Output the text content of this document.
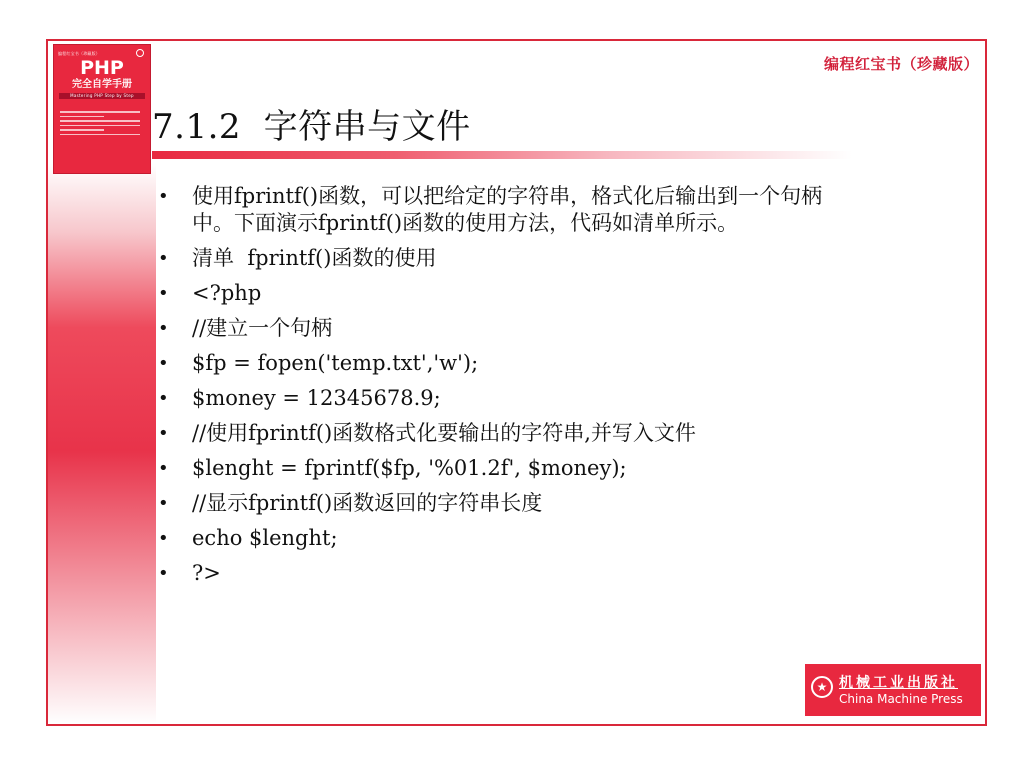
编程红宝书（珍藏版）
PHP
完全自学手册
Mastering PHP Step by Step
编程红宝书（珍藏版）
7.1.2  字符串与文件
• 使用fprintf()函数，可以把给定的字符串，格式化后输出到一个句柄中。下面演示fprintf()函数的使用方法，代码如清单所示。
• 清单  fprintf()函数的使用
• <?php
• //建立一个句柄
• $fp = fopen('temp.txt','w');
• $money = 12345678.9;
• //使用fprintf()函数格式化要输出的字符串,并写入文件
• $lenght = fprintf($fp, '%01.2f', $money);
• //显示fprintf()函数返回的字符串长度
• echo $lenght;
• ?>
★ 机械工业出版社
China Machine Press
